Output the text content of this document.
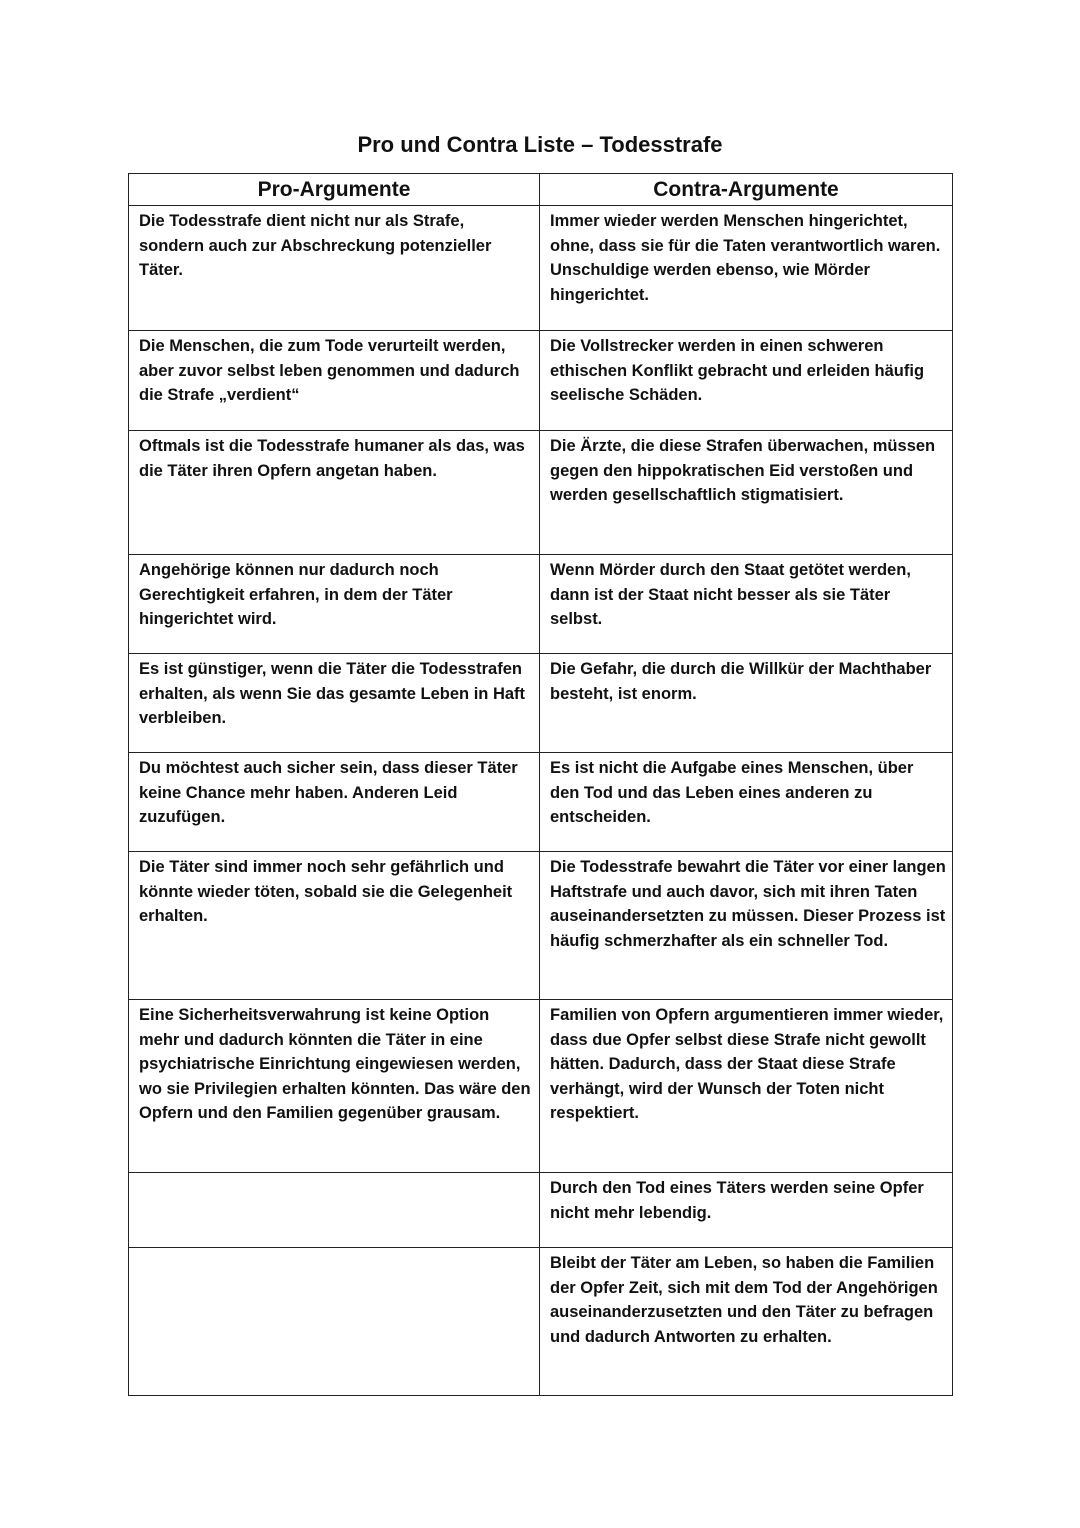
Pro und Contra Liste – Todesstrafe
Pro-Argumente	Contra-Argumente
Die Todesstrafe dient nicht nur als Strafe, sondern auch zur Abschreckung potenzieller Täter.	Immer wieder werden Menschen hingerichtet, ohne, dass sie für die Taten verantwortlich waren. Unschuldige werden ebenso, wie Mörder hingerichtet.
Die Menschen, die zum Tode verurteilt werden, aber zuvor selbst leben genommen und dadurch die Strafe „verdient“	Die Vollstrecker werden in einen schweren ethischen Konflikt gebracht und erleiden häufig seelische Schäden.
Oftmals ist die Todesstrafe humaner als das, was die Täter ihren Opfern angetan haben.	Die Ärzte, die diese Strafen überwachen, müssen gegen den hippokratischen Eid verstoßen und werden gesellschaftlich stigmatisiert.
Angehörige können nur dadurch noch Gerechtigkeit erfahren, in dem der Täter hingerichtet wird.	Wenn Mörder durch den Staat getötet werden, dann ist der Staat nicht besser als sie Täter selbst.
Es ist günstiger, wenn die Täter die Todesstrafen erhalten, als wenn Sie das gesamte Leben in Haft verbleiben.	Die Gefahr, die durch die Willkür der Machthaber besteht, ist enorm.
Du möchtest auch sicher sein, dass dieser Täter keine Chance mehr haben. Anderen Leid zuzufügen.	Es ist nicht die Aufgabe eines Menschen, über den Tod und das Leben eines anderen zu entscheiden.
Die Täter sind immer noch sehr gefährlich und könnte wieder töten, sobald sie die Gelegenheit erhalten.	Die Todesstrafe bewahrt die Täter vor einer langen Haftstrafe und auch davor, sich mit ihren Taten auseinandersetzten zu müssen. Dieser Prozess ist häufig schmerzhafter als ein schneller Tod.
Eine Sicherheitsverwahrung ist keine Option mehr und dadurch könnten die Täter in eine psychiatrische Einrichtung eingewiesen werden, wo sie Privilegien erhalten könnten. Das wäre den Opfern und den Familien gegenüber grausam.	Familien von Opfern argumentieren immer wieder, dass due Opfer selbst diese Strafe nicht gewollt hätten. Dadurch, dass der Staat diese Strafe verhängt, wird der Wunsch der Toten nicht respektiert.
	Durch den Tod eines Täters werden seine Opfer nicht mehr lebendig.
	Bleibt der Täter am Leben, so haben die Familien der Opfer Zeit, sich mit dem Tod der Angehörigen auseinanderzusetzten und den Täter zu befragen und dadurch Antworten zu erhalten.
